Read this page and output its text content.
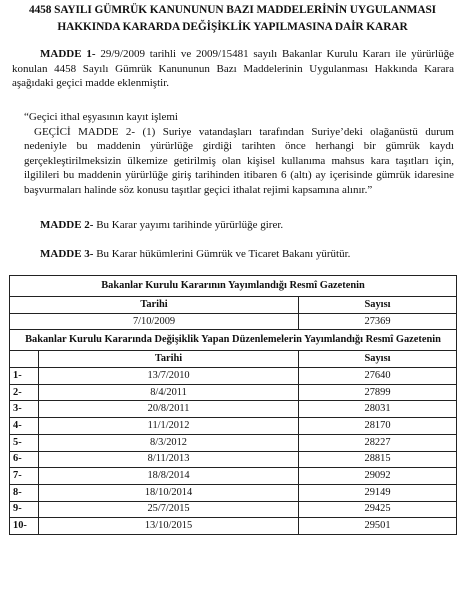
4458 SAYILI GÜMRÜK KANUNUNUN BAZI MADDELERİNİN UYGULANMASI
HAKKINDA KARARDA DEĞİŞİKLİK YAPILMASINA DAİR KARAR
MADDE 1- 29/9/2009 tarihli ve 2009/15481 sayılı Bakanlar Kurulu Kararı ile yürürlüğe konulan 4458 Sayılı Gümrük Kanununun Bazı Maddelerinin Uygulanması Hakkında Karara aşağıdaki geçici madde eklenmiştir.
“Geçici ithal eşyasının kayıt işlemi
GEÇİCİ MADDE 2- (1) Suriye vatandaşları tarafından Suriye’deki olağanüstü durum nedeniyle bu maddenin yürürlüğe girdiği tarihten önce herhangi bir gümrük kaydı gerçekleştirilmeksizin ülkemize getirilmiş olan kişisel kullanıma mahsus kara taşıtları için, ilgilileri bu maddenin yürürlüğe giriş tarihinden itibaren 6 (altı) ay içerisinde gümrük idaresine başvurmaları halinde söz konusu taşıtlar geçici ithalat rejimi kapsamına alınır.”
MADDE 2- Bu Karar yayımı tarihinde yürürlüğe girer.
MADDE 3- Bu Karar hükümlerini Gümrük ve Ticaret Bakanı yürütür.
Bakanlar Kurulu Kararının Yayımlandığı Resmî Gazetenin		
Tarihi		Sayısı
7/10/2009		27369
Bakanlar Kurulu Kararında Değişiklik Yapan Düzenlemelerin Yayımlandığı Resmî Gazetenin		
	Tarihi	Sayısı
1-	13/7/2010	27640
2-	8/4/2011	27899
3-	20/8/2011	28031
4-	11/1/2012	28170
5-	8/3/2012	28227
6-	8/11/2013	28815
7-	18/8/2014	29092
8-	18/10/2014	29149
9-	25/7/2015	29425
10-	13/10/2015	29501
